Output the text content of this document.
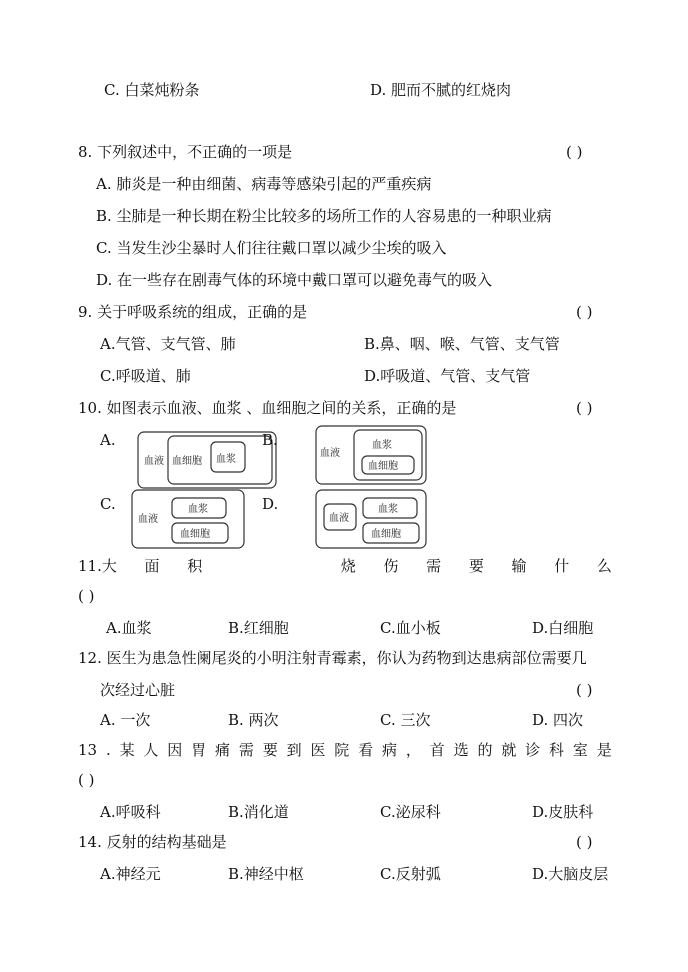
C. 白菜炖粉条	D. 肥而不腻的红烧肉
8. 下列叙述中，不正确的一项是	( )
A. 肺炎是一种由细菌、病毒等感染引起的严重疾病
B. 尘肺是一种长期在粉尘比较多的场所工作的人容易患的一种职业病
C. 当发生沙尘暴时人们往往戴口罩以减少尘埃的吸入
D. 在一些存在剧毒气体的环境中戴口罩可以避免毒气的吸入
9. 关于呼吸系统的组成，正确的是	( )
A.气管、支气管、肺	B.鼻、咽、喉、气管、支气管
C.呼吸道、肺	D.呼吸道、气管、支气管
10. 如图表示血液、血浆 、血细胞之间的关系，正确的是	( )
A.
血液 血细胞 血浆
B.
血液
血浆
血细胞
C.
血液
血浆
血细胞
D.
血液
血浆
血细胞
11.大 面 积	烧 伤 需 要 输 什 么
( )
A.血浆	B.红细胞	C.血小板	D.白细胞
12. 医生为患急性阑尾炎的小明注射青霉素，你认为药物到达患病部位需要几
次经过心脏	( )
A. 一次	B. 两次	C. 三次	D. 四次
13 . 某 人 因 胃 痛 需 要 到 医 院 看 病 ， 首 选 的 就 诊 科 室 是
( )
A.呼吸科	B.消化道	C.泌尿科	D.皮肤科
14. 反射的结构基础是	( )
A.神经元	B.神经中枢	C.反射弧	D.大脑皮层
